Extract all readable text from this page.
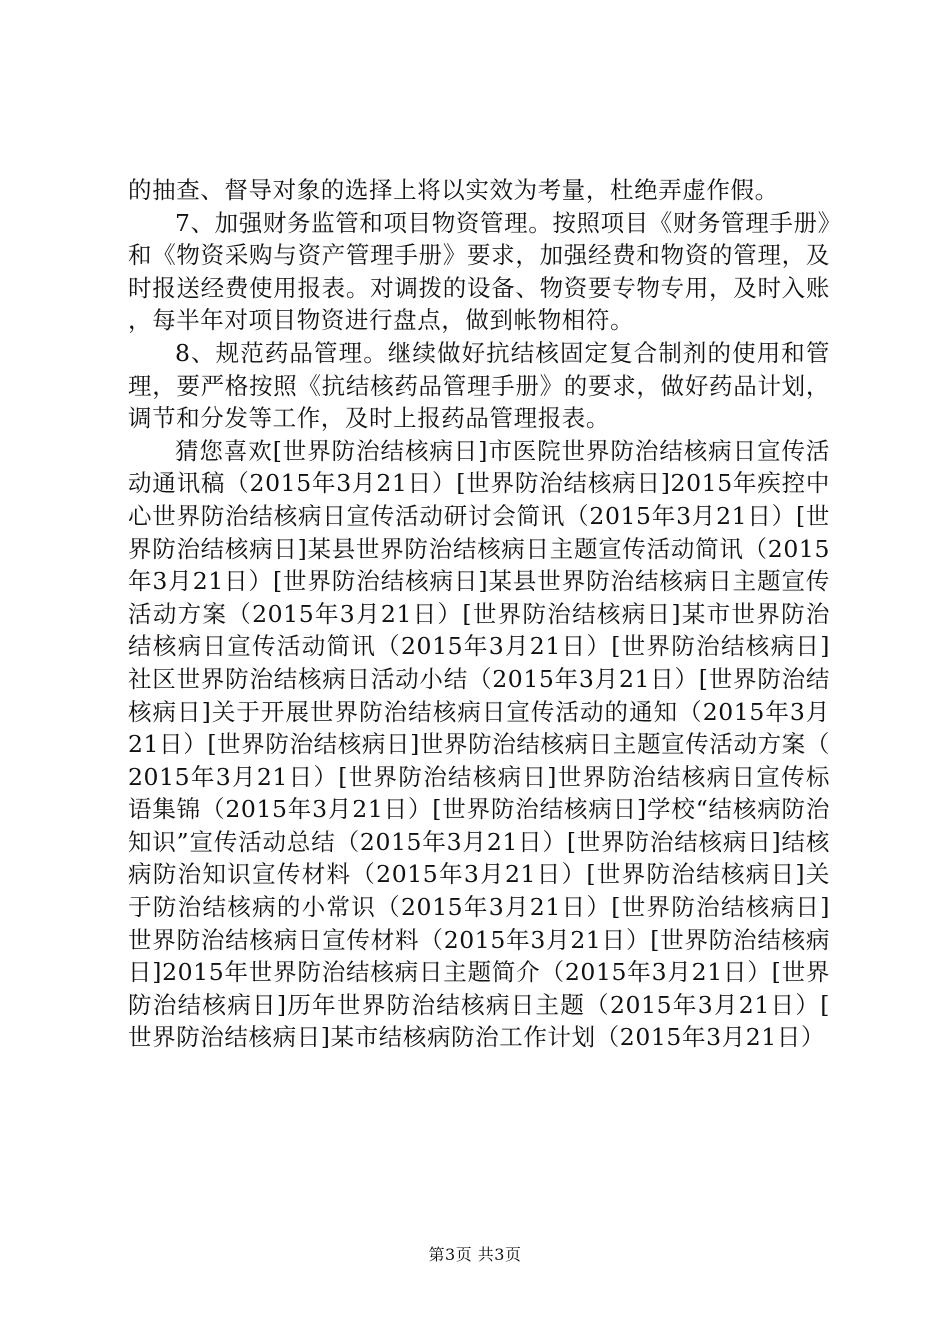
的抽查、督导对象的选择上将以实效为考量，杜绝弄虚作假。

7、加强财务监管和项目物资管理。按照项目《财务管理手册》和《物资采购与资产管理手册》要求，加强经费和物资的管理，及时报送经费使用报表。对调拨的设备、物资要专物专用，及时入账，每半年对项目物资进行盘点，做到帐物相符。

8、规范药品管理。继续做好抗结核固定复合制剂的使用和管理，要严格按照《抗结核药品管理手册》的要求，做好药品计划，调节和分发等工作，及时上报药品管理报表。

猜您喜欢[世界防治结核病日]市医院世界防治结核病日宣传活动通讯稿（2015年3月21日）[世界防治结核病日]2015年疾控中心世界防治结核病日宣传活动研讨会简讯（2015年3月21日）[世界防治结核病日]某县世界防治结核病日主题宣传活动简讯（2015年3月21日）[世界防治结核病日]某县世界防治结核病日主题宣传活动方案（2015年3月21日）[世界防治结核病日]某市世界防治结核病日宣传活动简讯（2015年3月21日）[世界防治结核病日]社区世界防治结核病日活动小结（2015年3月21日）[世界防治结核病日]关于开展世界防治结核病日宣传活动的通知（2015年3月21日）[世界防治结核病日]世界防治结核病日主题宣传活动方案（2015年3月21日）[世界防治结核病日]世界防治结核病日宣传标语集锦（2015年3月21日）[世界防治结核病日]学校“结核病防治知识”宣传活动总结（2015年3月21日）[世界防治结核病日]结核病防治知识宣传材料（2015年3月21日）[世界防治结核病日]关于防治结核病的小常识（2015年3月21日）[世界防治结核病日]世界防治结核病日宣传材料（2015年3月21日）[世界防治结核病日]2015年世界防治结核病日主题简介（2015年3月21日）[世界防治结核病日]历年世界防治结核病日主题（2015年3月21日）[世界防治结核病日]某市结核病防治工作计划（2015年3月21日）

第3页 共3页
